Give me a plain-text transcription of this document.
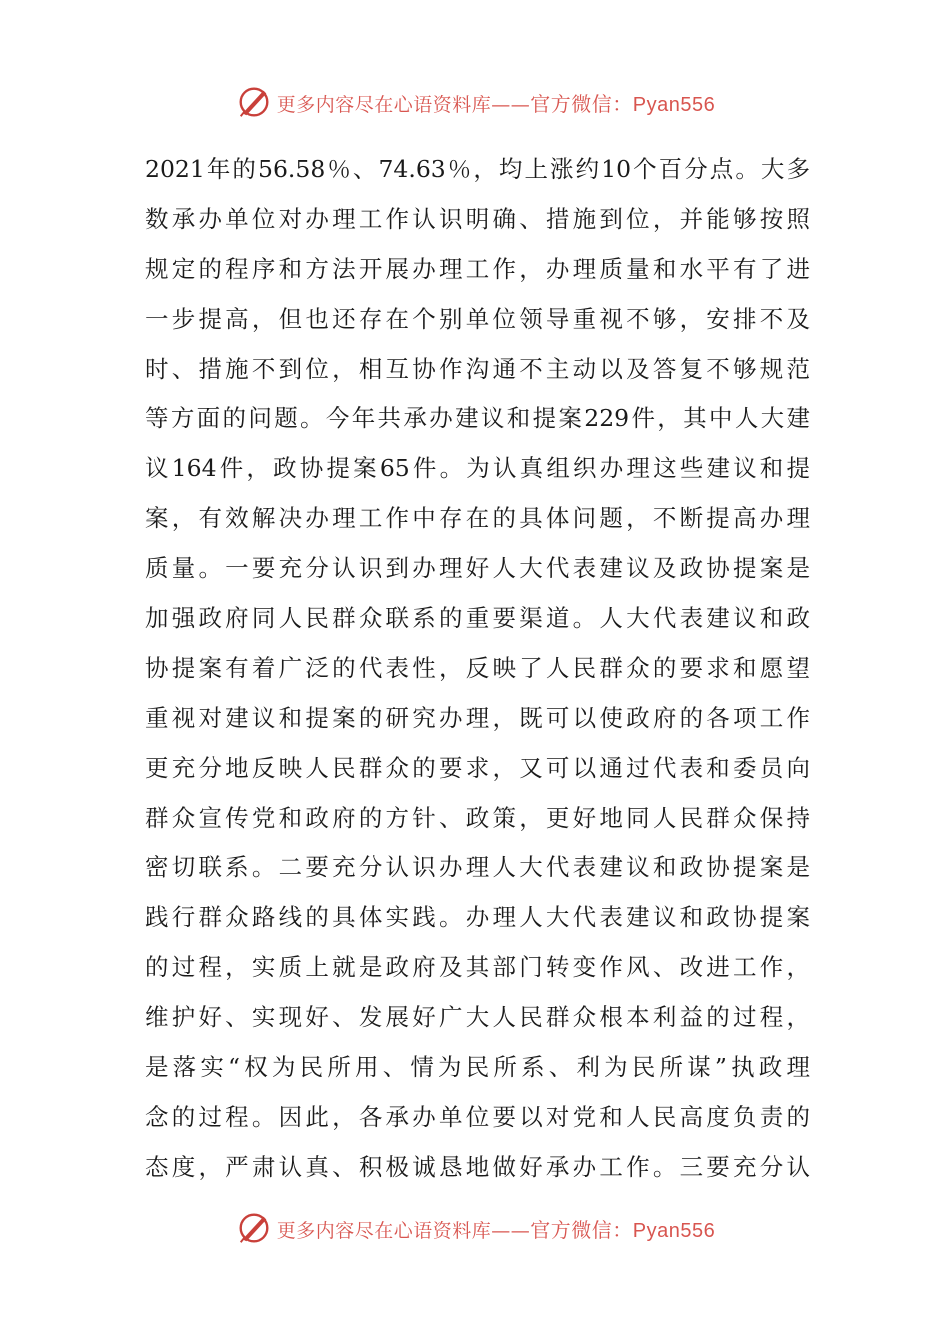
更多内容尽在心语资料库——官方微信：Pyan556
2021年的56.58％、74.63％，均上涨约10个百分点。大多
数承办单位对办理工作认识明确、措施到位，并能够按照
规定的程序和方法开展办理工作，办理质量和水平有了进
一步提高，但也还存在个别单位领导重视不够，安排不及
时、措施不到位，相互协作沟通不主动以及答复不够规范
等方面的问题。今年共承办建议和提案229件，其中人大建
议164件，政协提案65件。为认真组织办理这些建议和提
案，有效解决办理工作中存在的具体问题，不断提高办理
质量。一要充分认识到办理好人大代表建议及政协提案是
加强政府同人民群众联系的重要渠道。人大代表建议和政
协提案有着广泛的代表性，反映了人民群众的要求和愿望
重视对建议和提案的研究办理，既可以使政府的各项工作
更充分地反映人民群众的要求，又可以通过代表和委员向
群众宣传党和政府的方针、政策，更好地同人民群众保持
密切联系。二要充分认识办理人大代表建议和政协提案是
践行群众路线的具体实践。办理人大代表建议和政协提案
的过程，实质上就是政府及其部门转变作风、改进工作，
维护好、实现好、发展好广大人民群众根本利益的过程，
是落实“权为民所用、情为民所系、利为民所谋”执政理
念的过程。因此，各承办单位要以对党和人民高度负责的
态度，严肃认真、积极诚恳地做好承办工作。三要充分认
更多内容尽在心语资料库——官方微信：Pyan556
